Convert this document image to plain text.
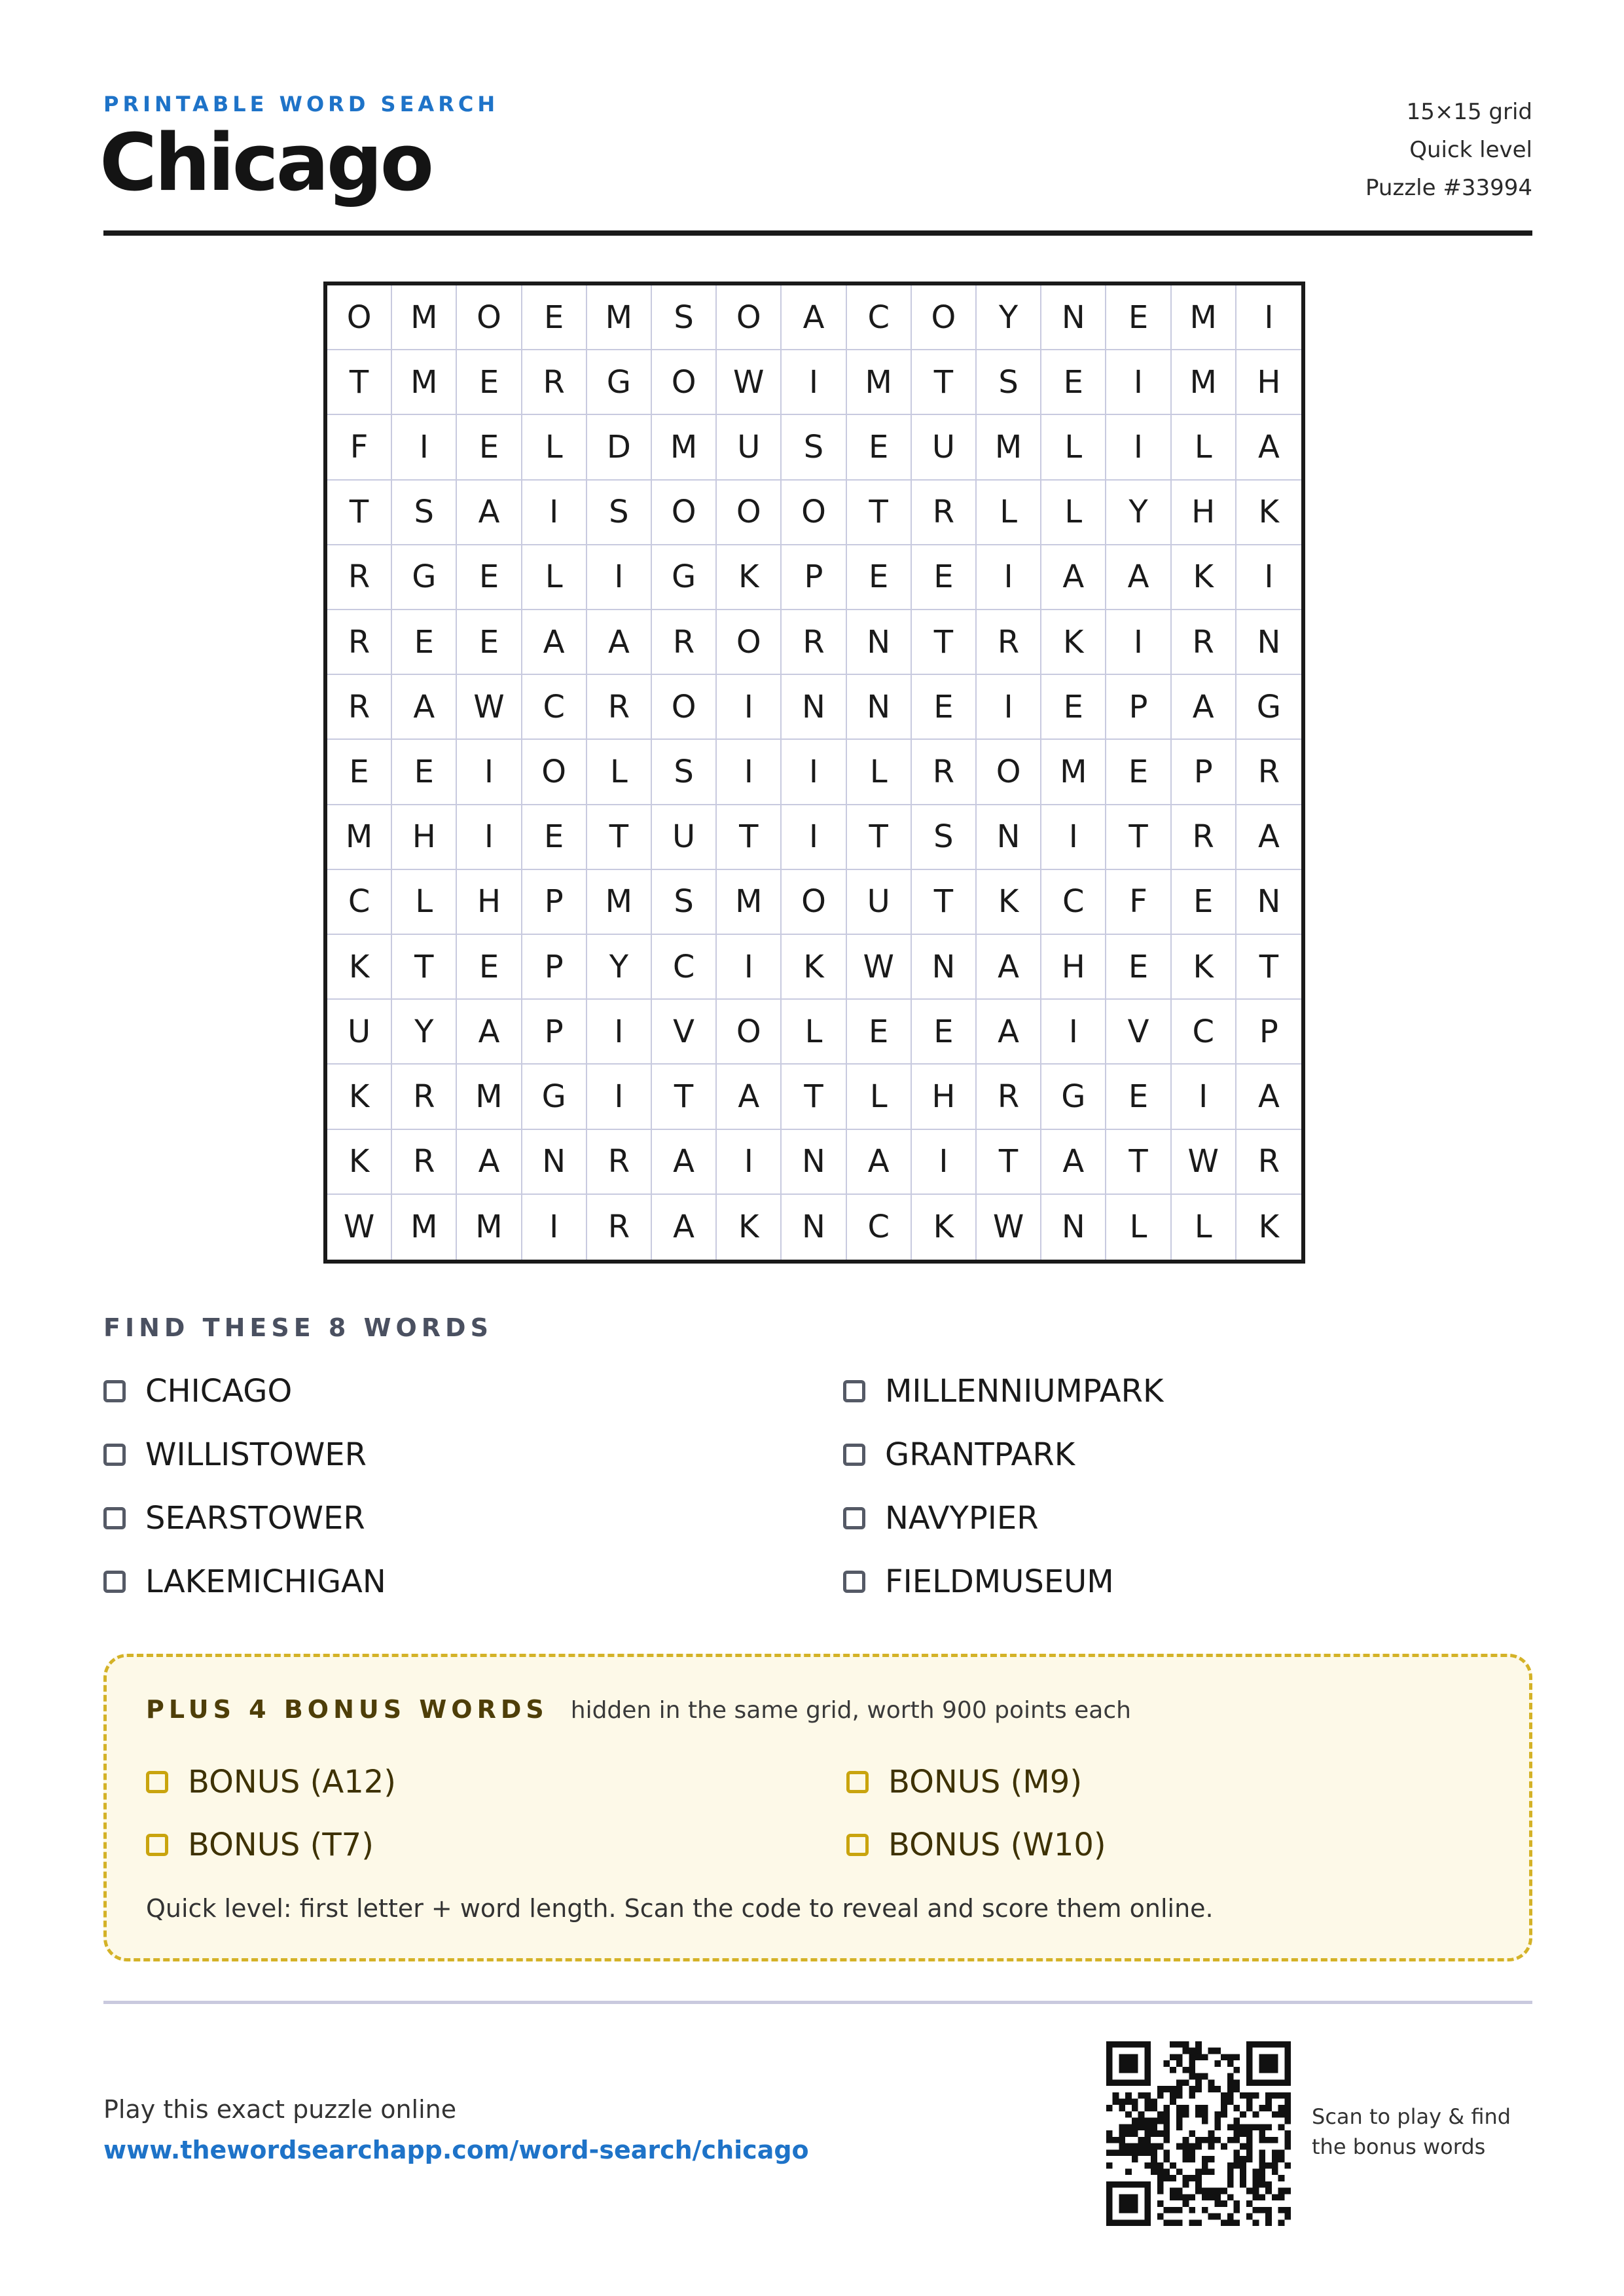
PRINTABLE WORD SEARCH
Chicago
15×15 grid
Quick level
Puzzle #33994
O	M	O	E	M	S	O	A	C	O	Y	N	E	M	I
T	M	E	R	G	O	W	I	M	T	S	E	I	M	H
F	I	E	L	D	M	U	S	E	U	M	L	I	L	A
T	S	A	I	S	O	O	O	T	R	L	L	Y	H	K
R	G	E	L	I	G	K	P	E	E	I	A	A	K	I
R	E	E	A	A	R	O	R	N	T	R	K	I	R	N
R	A	W	C	R	O	I	N	N	E	I	E	P	A	G
E	E	I	O	L	S	I	I	L	R	O	M	E	P	R
M	H	I	E	T	U	T	I	T	S	N	I	T	R	A
C	L	H	P	M	S	M	O	U	T	K	C	F	E	N
K	T	E	P	Y	C	I	K	W	N	A	H	E	K	T
U	Y	A	P	I	V	O	L	E	E	A	I	V	C	P
K	R	M	G	I	T	A	T	L	H	R	G	E	I	A
K	R	A	N	R	A	I	N	A	I	T	A	T	W	R
W	M	M	I	R	A	K	N	C	K	W	N	L	L	K
FIND THESE 8 WORDS
CHICAGO	MILLENNIUMPARK
WILLISTOWER	GRANTPARK
SEARSTOWER	NAVYPIER
LAKEMICHIGAN	FIELDMUSEUM
PLUS 4 BONUS WORDS hidden in the same grid, worth 900 points each
BONUS (A12)	BONUS (M9)
BONUS (T7)	BONUS (W10)
Quick level: first letter + word length. Scan the code to reveal and score them online.
Play this exact puzzle online
www.thewordsearchapp.com/word-search/chicago
Scan to play & find the bonus words
